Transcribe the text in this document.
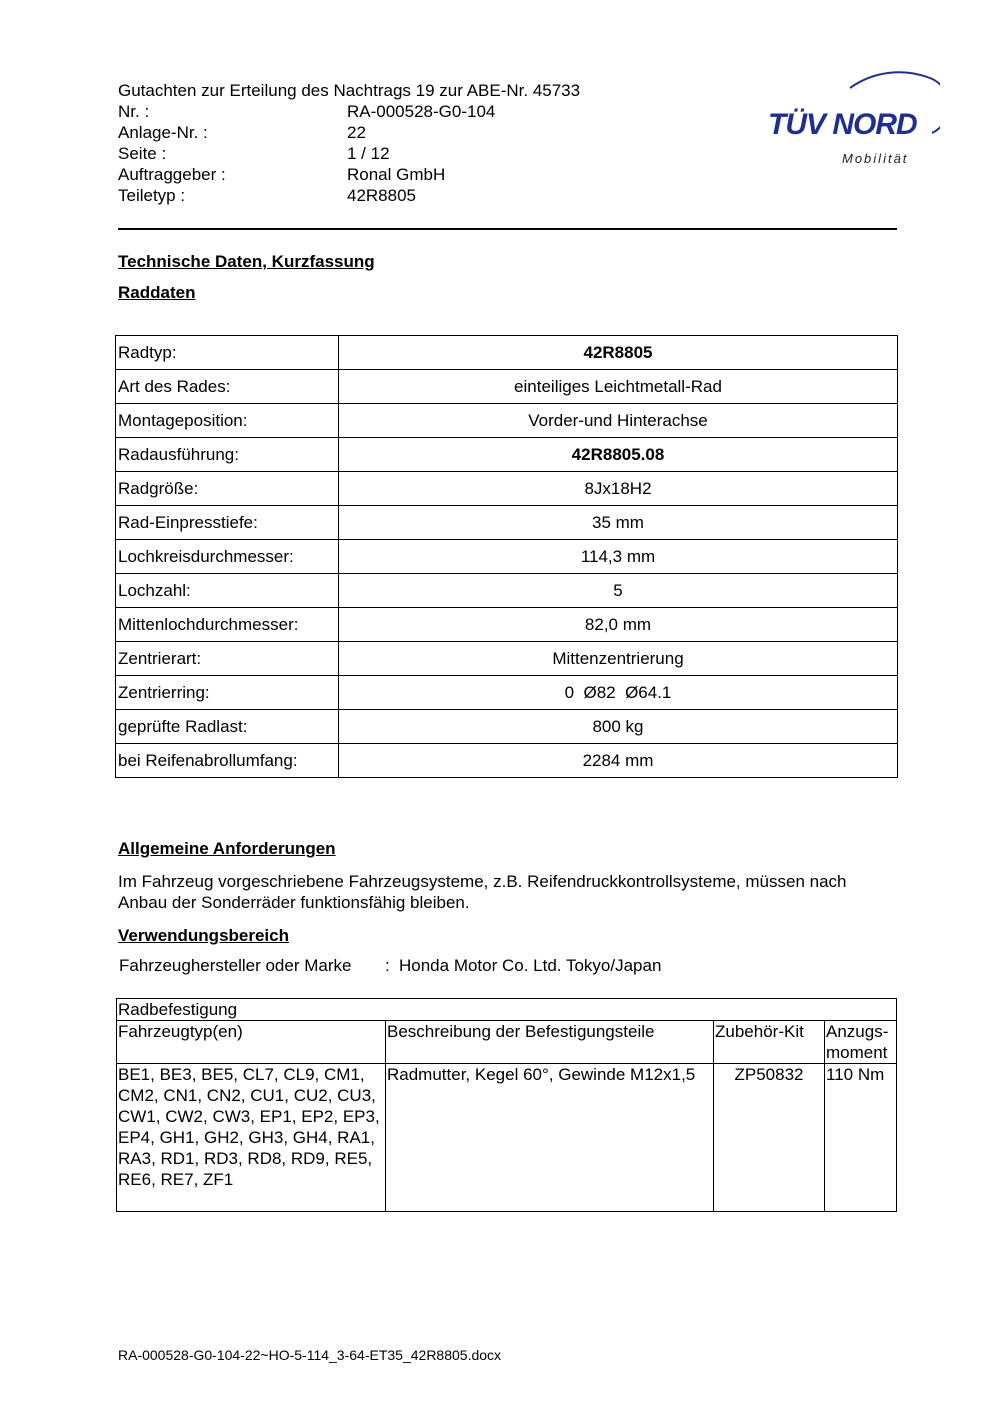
Gutachten zur Erteilung des Nachtrags 19 zur ABE-Nr. 45733
Nr. :	RA-000528-G0-104
Anlage-Nr. :	22
Seite :	1 / 12
Auftraggeber :	Ronal GmbH
Teiletyp :	42R8805
TÜV NORD
Mobilität
Technische Daten, Kurzfassung
Raddaten
Radtyp:	42R8805
Art des Rades:	einteiliges Leichtmetall-Rad
Montageposition:	Vorder-und Hinterachse
Radausführung:	42R8805.08
Radgröße:	8Jx18H2
Rad-Einpresstiefe:	35 mm
Lochkreisdurchmesser:	114,3 mm
Lochzahl:	5
Mittenlochdurchmesser:	82,0 mm
Zentrierart:	Mittenzentrierung
Zentrierring:	0  Ø82  Ø64.1
geprüfte Radlast:	800 kg
bei Reifenabrollumfang:	2284 mm
Allgemeine Anforderungen
Im Fahrzeug vorgeschriebene Fahrzeugsysteme, z.B. Reifendruckkontrollsysteme, müssen nach Anbau der Sonderräder funktionsfähig bleiben.
Verwendungsbereich
Fahrzeughersteller oder Marke	: Honda Motor Co. Ltd. Tokyo/Japan
Radbefestigung			
Fahrzeugtyp(en)	Beschreibung der Befestigungsteile	Zubehör-Kit	Anzugs- moment
BE1, BE3, BE5, CL7, CL9, CM1, CM2, CN1, CN2, CU1, CU2, CU3, CW1, CW2, CW3, EP1, EP2, EP3, EP4, GH1, GH2, GH3, GH4, RA1, RA3, RD1, RD3, RD8, RD9, RE5, RE6, RE7, ZF1	Radmutter, Kegel 60°, Gewinde M12x1,5	ZP50832	110 Nm
RA-000528-G0-104-22~HO-5-114_3-64-ET35_42R8805.docx
